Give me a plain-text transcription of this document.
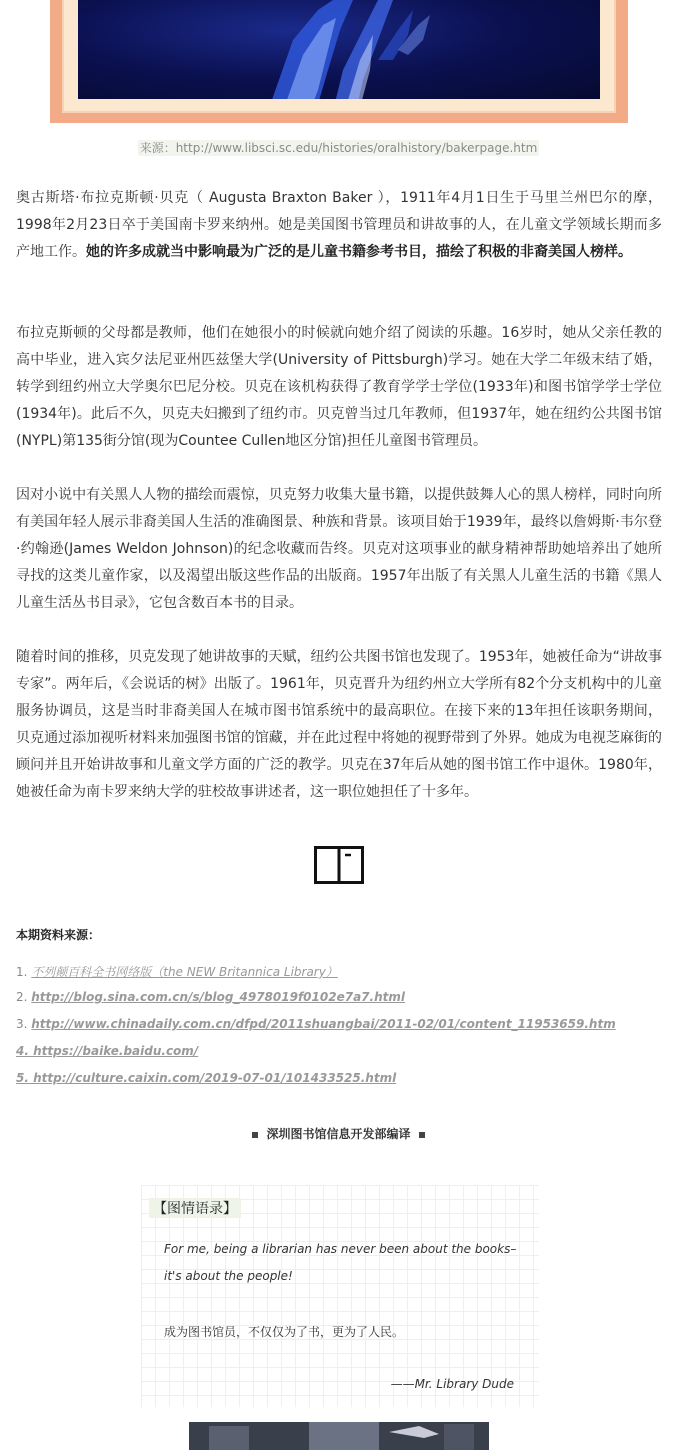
来源：http://www.libsci.sc.edu/histories/oralhistory/bakerpage.htm

奥古斯塔·布拉克斯顿·贝克（ Augusta Braxton Baker ），1911年4月1日生于马里兰州巴尔的摩，1998年2月23日卒于美国南卡罗来纳州。她是美国图书管理员和讲故事的人，在儿童文学领域长期而多产地工作。她的许多成就当中影响最为广泛的是儿童书籍参考书目，描绘了积极的非裔美国人榜样。

布拉克斯顿的父母都是教师，他们在她很小的时候就向她介绍了阅读的乐趣。16岁时，她从父亲任教的高中毕业，进入宾夕法尼亚州匹兹堡大学(University of Pittsburgh)学习。她在大学二年级末结了婚，转学到纽约州立大学奥尔巴尼分校。贝克在该机构获得了教育学学士学位(1933年)和图书馆学学士学位(1934年)。此后不久，贝克夫妇搬到了纽约市。贝克曾当过几年教师，但1937年，她在纽约公共图书馆(NYPL)第135街分馆(现为Countee Cullen地区分馆)担任儿童图书管理员。

因对小说中有关黑人人物的描绘而震惊，贝克努力收集大量书籍，以提供鼓舞人心的黑人榜样，同时向所有美国年轻人展示非裔美国人生活的准确图景、种族和背景。该项目始于1939年，最终以詹姆斯·韦尔登·约翰逊(James Weldon Johnson)的纪念收藏而告终。贝克对这项事业的献身精神帮助她培养出了她所寻找的这类儿童作家，以及渴望出版这些作品的出版商。1957年出版了有关黑人儿童生活的书籍《黑人儿童生活丛书目录》，它包含数百本书的目录。

随着时间的推移，贝克发现了她讲故事的天赋，纽约公共图书馆也发现了。1953年，她被任命为“讲故事专家”。两年后，《会说话的树》出版了。1961年，贝克晋升为纽约州立大学所有82个分支机构中的儿童服务协调员，这是当时非裔美国人在城市图书馆系统中的最高职位。在接下来的13年担任该职务期间，贝克通过添加视听材料来加强图书馆的馆藏，并在此过程中将她的视野带到了外界。她成为电视芝麻街的顾问并且开始讲故事和儿童文学方面的广泛的教学。贝克在37年后从她的图书馆工作中退休。1980年，她被任命为南卡罗来纳大学的驻校故事讲述者，这一职位她担任了十多年。

本期资料来源：
1. 不列颠百科全书网络版（the NEW Britannica Library）
2. http://blog.sina.com.cn/s/blog_4978019f0102e7a7.html
3. http://www.chinadaily.com.cn/dfpd/2011shuangbai/2011-02/01/content_11953659.htm
4. https://baike.baidu.com/
5. http://culture.caixin.com/2019-07-01/101433525.html
深圳图书馆信息开发部编译
【图情语录】
For me, being a librarian has never been about the books–
it's about the people!
成为图书馆员，不仅仅为了书，更为了人民。
——Mr. Library Dude
